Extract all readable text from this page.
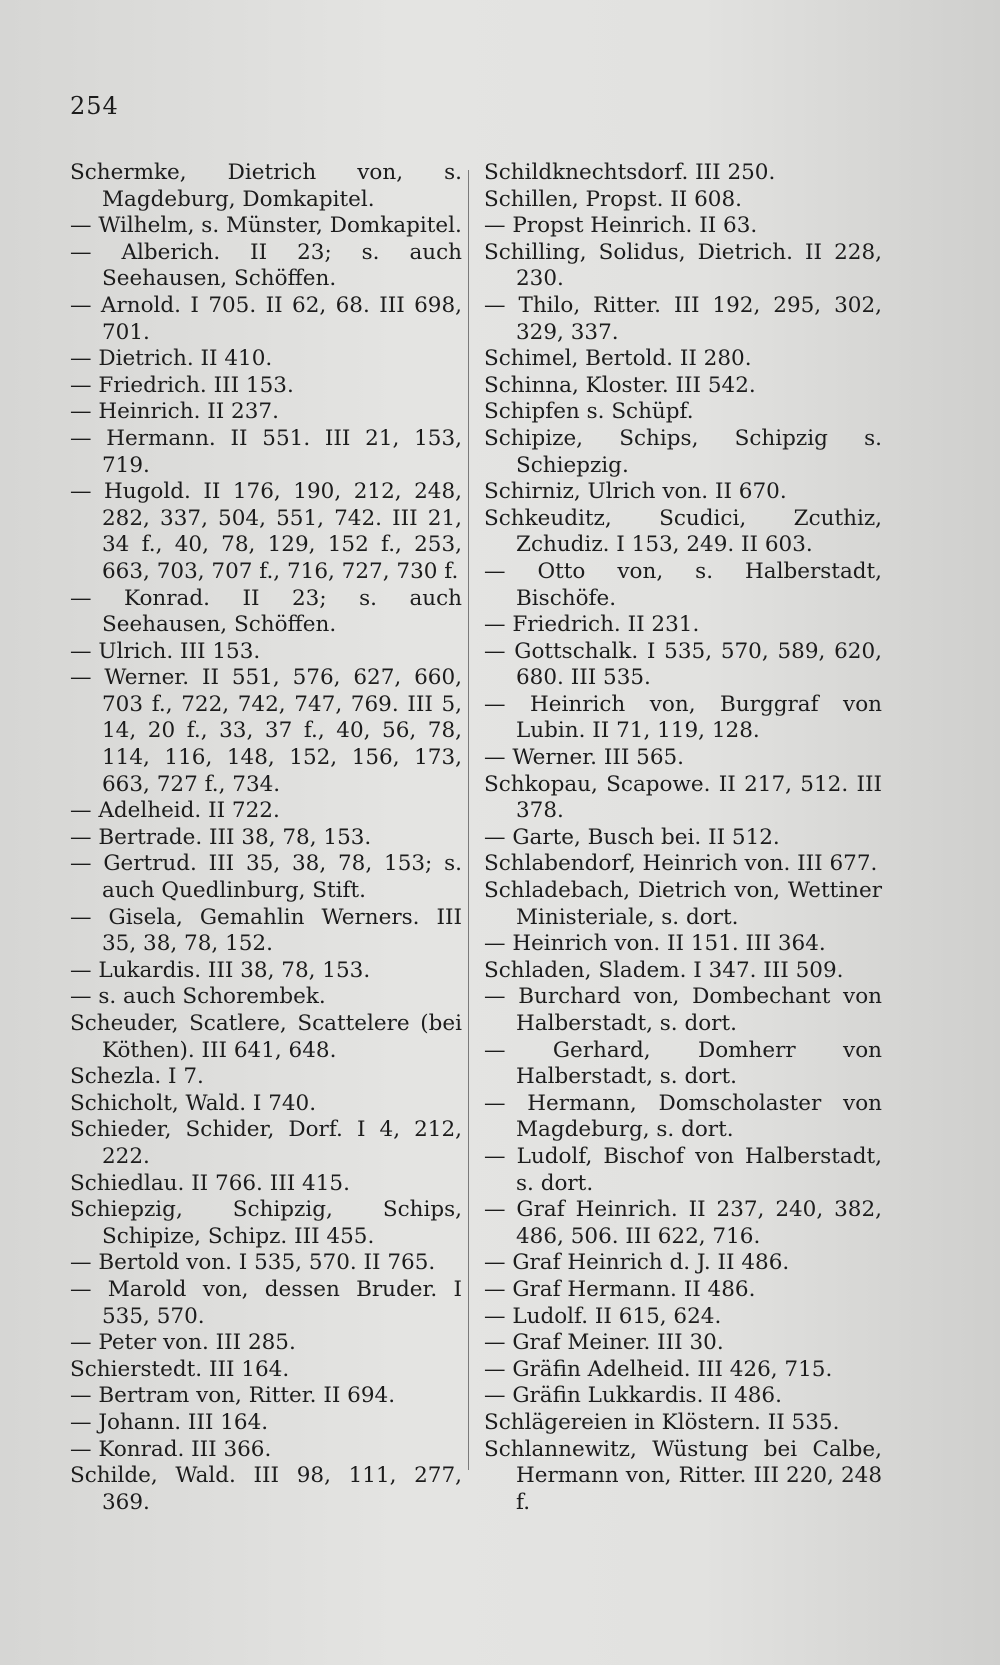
254

Schermke, Dietrich von, s. Magdeburg, Domkapitel.

— Wilhelm, s. Münster, Domkapitel.

— Alberich. II 23; s. auch Seehausen, Schöffen.

— Arnold. I 705. II 62, 68. III 698, 701.

— Dietrich. II 410.

— Friedrich. III 153.

— Heinrich. II 237.

— Hermann. II 551. III 21, 153, 719.

— Hugold. II 176, 190, 212, 248, 282, 337, 504, 551, 742. III 21, 34 f., 40, 78, 129, 152 f., 253, 663, 703, 707 f., 716, 727, 730 f.

— Konrad. II 23; s. auch Seehausen, Schöffen.

— Ulrich. III 153.

— Werner. II 551, 576, 627, 660, 703 f., 722, 742, 747, 769. III 5, 14, 20 f., 33, 37 f., 40, 56, 78, 114, 116, 148, 152, 156, 173, 663, 727 f., 734.

— Adelheid. II 722.

— Bertrade. III 38, 78, 153.

— Gertrud. III 35, 38, 78, 153; s. auch Quedlinburg, Stift.

— Gisela, Gemahlin Werners. III 35, 38, 78, 152.

— Lukardis. III 38, 78, 153.

— s. auch Schorembek.

Scheuder, Scatlere, Scattelere (bei Köthen). III 641, 648.

Schezla. I 7.

Schicholt, Wald. I 740.

Schieder, Schider, Dorf. I 4, 212, 222.

Schiedlau. II 766. III 415.

Schiepzig, Schipzig, Schips, Schipize, Schipz. III 455.

— Bertold von. I 535, 570. II 765.

— Marold von, dessen Bruder. I 535, 570.

— Peter von. III 285.

Schierstedt. III 164.

— Bertram von, Ritter. II 694.

— Johann. III 164.

— Konrad. III 366.

Schilde, Wald. III 98, 111, 277, 369.

Schildknechtsdorf. III 250.

Schillen, Propst. II 608.

— Propst Heinrich. II 63.

Schilling, Solidus, Dietrich. II 228, 230.

— Thilo, Ritter. III 192, 295, 302, 329, 337.

Schimel, Bertold. II 280.

Schinna, Kloster. III 542.

Schipfen s. Schüpf.

Schipize, Schips, Schipzig s. Schiepzig.

Schirniz, Ulrich von. II 670.

Schkeuditz, Scudici, Zcuthiz, Zchudiz. I 153, 249. II 603.

— Otto von, s. Halberstadt, Bischöfe.

— Friedrich. II 231.

— Gottschalk. I 535, 570, 589, 620, 680. III 535.

— Heinrich von, Burggraf von Lubin. II 71, 119, 128.

— Werner. III 565.

Schkopau, Scapowe. II 217, 512. III 378.

— Garte, Busch bei. II 512.

Schlabendorf, Heinrich von. III 677.

Schladebach, Dietrich von, Wettiner Ministeriale, s. dort.

— Heinrich von. II 151. III 364.

Schladen, Sladem. I 347. III 509.

— Burchard von, Dombechant von Halberstadt, s. dort.

— Gerhard, Domherr von Halberstadt, s. dort.

— Hermann, Domscholaster von Magdeburg, s. dort.

— Ludolf, Bischof von Halberstadt, s. dort.

— Graf Heinrich. II 237, 240, 382, 486, 506. III 622, 716.

— Graf Heinrich d. J. II 486.

— Graf Hermann. II 486.

— Ludolf. II 615, 624.

— Graf Meiner. III 30.

— Gräfin Adelheid. III 426, 715.

— Gräfin Lukkardis. II 486.

Schlägereien in Klöstern. II 535.

Schlannewitz, Wüstung bei Calbe, Hermann von, Ritter. III 220, 248 f.
